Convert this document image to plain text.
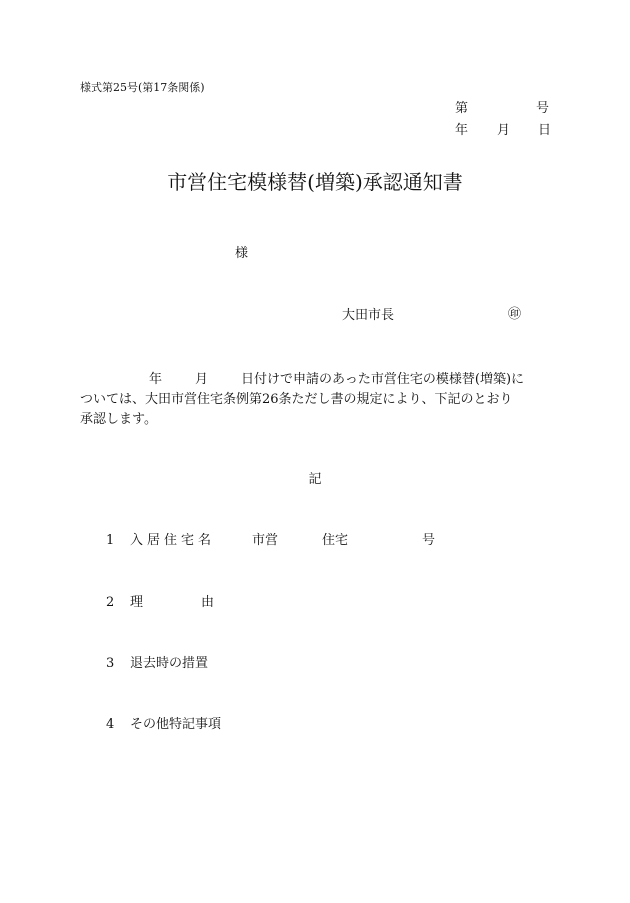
様式第25号(第17条関係)
第	号
年 月 日
市営住宅模様替(増築)承認通知書
様
大田市長	㊞
年	月	日付けで申請のあった市営住宅の模様替(増築)に
ついては、大田市営住宅条例第26条ただし書の規定により、下記のとおり
承認します。
記
1 入居住宅名	市営	住宅	号
2 理	由
3 退去時の措置
4 その他特記事項
